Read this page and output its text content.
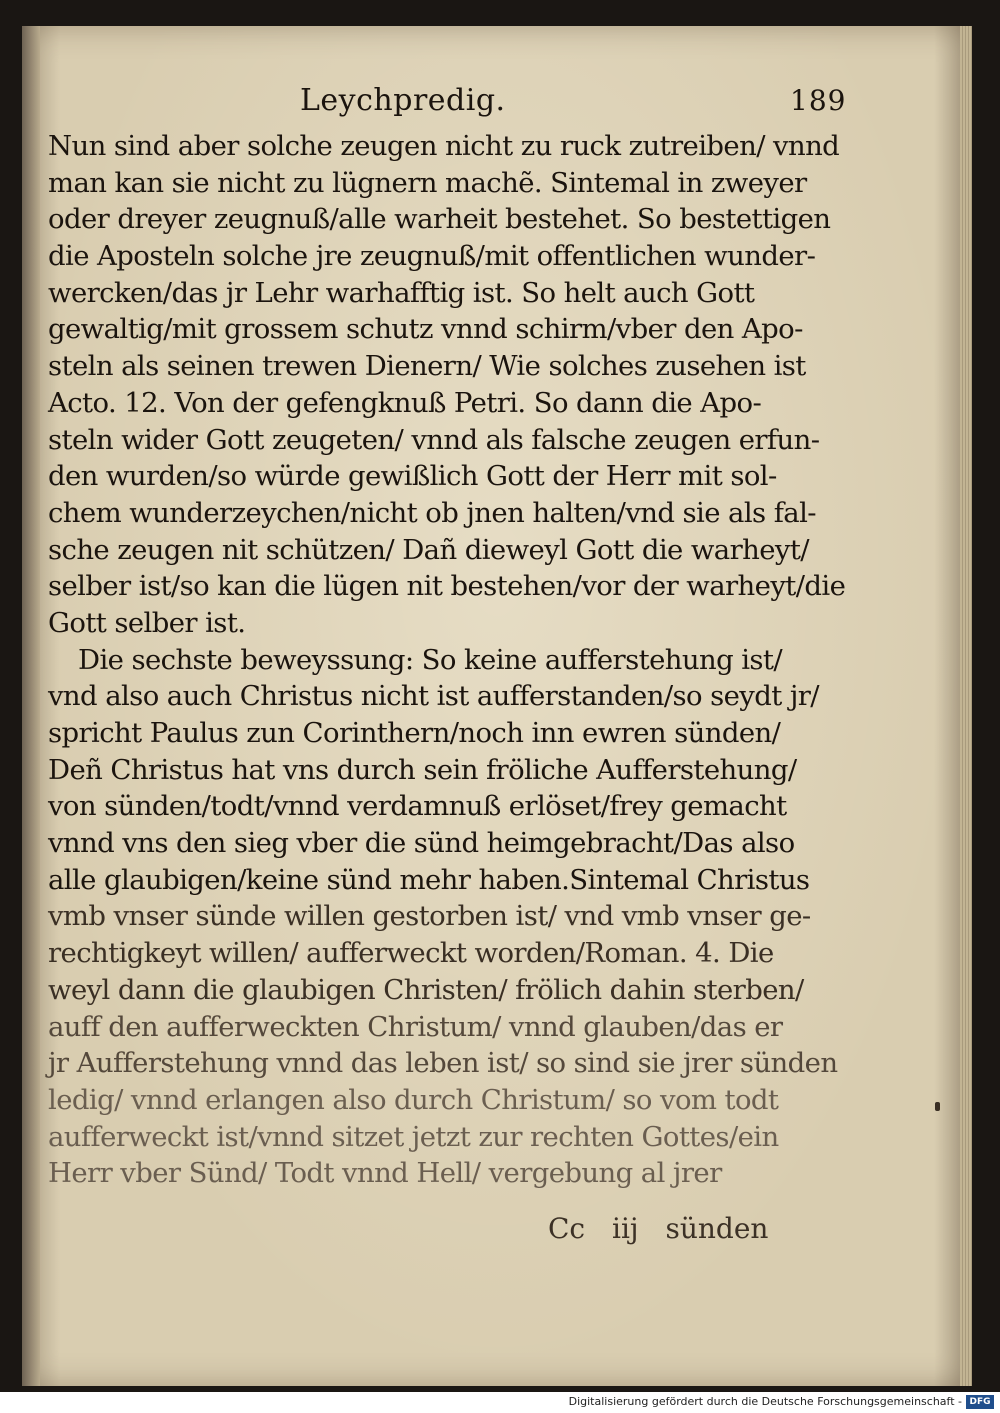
Leychpredig.	189
Nun sind aber solche zeugen nicht zu ruck zutreiben/ vnnd
man kan sie nicht zu lügnern machẽ. Sintemal in zweyer
oder dreyer zeugnuß/alle warheit bestehet. So bestettigen
die Aposteln solche jre zeugnuß/mit offentlichen wunder-
wercken/das jr Lehr warhafftig ist. So helt auch Gott
gewaltig/mit grossem schutz vnnd schirm/vber den Apo-
steln als seinen trewen Dienern/ Wie solches zusehen ist
Acto. 12. Von der gefengknuß Petri. So dann die Apo-
steln wider Gott zeugeten/ vnnd als falsche zeugen erfun-
den wurden/so würde gewißlich Gott der Herr mit sol-
chem wunderzeychen/nicht ob jnen halten/vnd sie als fal-
sche zeugen nit schützen/ Dañ dieweyl Gott die warheyt/
selber ist/so kan die lügen nit bestehen/vor der warheyt/die
Gott selber ist.
Die sechste beweyssung: So keine aufferstehung ist/
vnd also auch Christus nicht ist aufferstanden/so seydt jr/
spricht Paulus zun Corinthern/noch inn ewren sünden/
Deñ Christus hat vns durch sein fröliche Aufferstehung/
von sünden/todt/vnnd verdamnuß erlöset/frey gemacht
vnnd vns den sieg vber die sünd heimgebracht/Das also
alle glaubigen/keine sünd mehr haben.Sintemal Christus
vmb vnser sünde willen gestorben ist/ vnd vmb vnser ge-
rechtigkeyt willen/ aufferweckt worden/Roman. 4. Die
weyl dann die glaubigen Christen/ frölich dahin sterben/
auff den aufferweckten Christum/ vnnd glauben/das er
jr Aufferstehung vnnd das leben ist/ so sind sie jrer sünden
ledig/ vnnd erlangen also durch Christum/ so vom todt
aufferweckt ist/vnnd sitzet jetzt zur rechten Gottes/ein
Herr vber Sünd/ Todt vnnd Hell/ vergebung al jrer
Cc iij sünden
Digitalisierung gefördert durch die Deutsche Forschungsgemeinschaft - DFG
